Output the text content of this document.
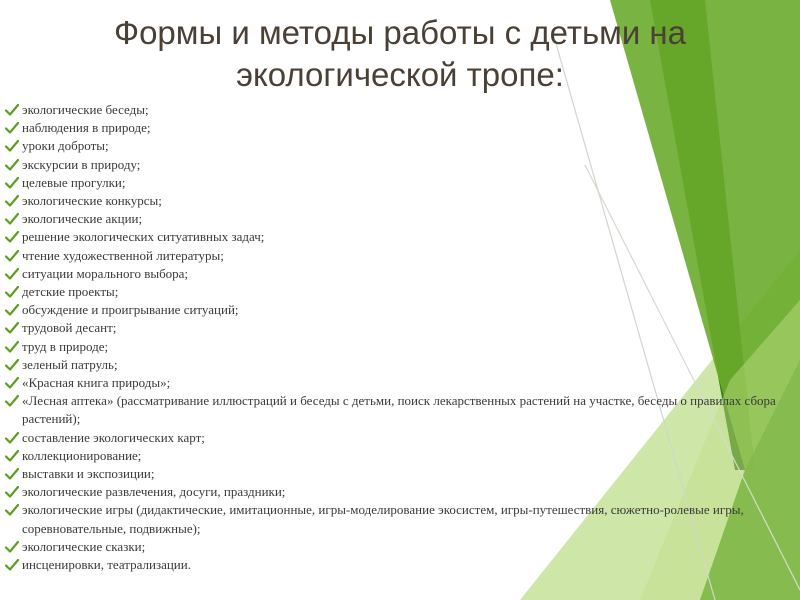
Формы и методы работы с детьми на экологической тропе:
экологические беседы;
наблюдения в природе;
уроки доброты;
экскурсии в природу;
целевые прогулки;
экологические конкурсы;
экологические акции;
решение экологических ситуативных задач;
чтение художественной литературы;
ситуации морального выбора;
детские проекты;
обсуждение и проигрывание ситуаций;
трудовой десант;
труд в природе;
зеленый патруль;
«Красная книга природы»;
«Лесная аптека» (рассматривание иллюстраций и беседы с детьми, поиск лекарственных растений на участке, беседы о правилах сбора растений);
составление экологических карт;
коллекционирование;
выставки и экспозиции;
экологические развлечения, досуги, праздники;
экологические игры (дидактические, имитационные, игры-моделирование экосистем, игры-путешествия, сюжетно-ролевые игры, соревновательные, подвижные);
экологические сказки;
инсценировки, театрализации.
